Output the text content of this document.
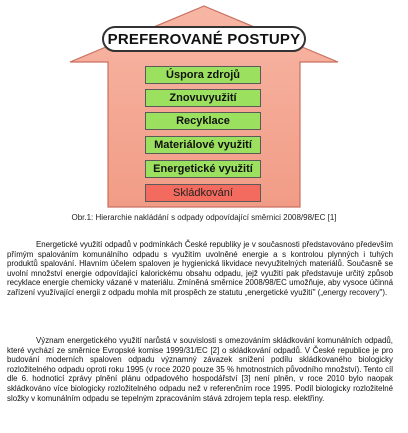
PREFEROVANÉ POSTUPY
Úspora zdrojů
Znovuvyužití
Recyklace
Materiálové využití
Energetické využití
Skládkování
Obr.1: Hierarchie nakládání s odpady odpovídající směrnici 2008/98/EC [1]

Energetické využití odpadů v podmínkách České republiky je v současnosti představováno především přímým spalováním komunálního odpadu s využitím uvolněné energie a s kontrolou plynných i tuhých produktů spalování. Hlavním účelem spaloven je hygienická likvidace nevyužitelných materiálů. Současně se uvolní množství energie odpovídající kalorickému obsahu odpadu, jejž využití pak představuje určitý způsob recyklace energie chemicky vázané v materiálu. Zmíněná směrnice 2008/98/EC umožňuje, aby vysoce účinná zařízení využívající energii z odpadu mohla mít prospěch ze statutu „energetické využití" („energy recovery").

Význam energetického využití narůstá v souvislosti s omezováním skládkování komunálních odpadů, které vychází ze směrnice Evropské komise 1999/31/EC [2] o skládkování odpadů. V České republice je pro budování moderních spaloven odpadu významný závazek snížení podílu skládkovaného biologicky rozložitelného odpadu oproti roku 1995 (v roce 2020 pouze 35 % hmotnostních původního množství). Tento cíl dle 6. hodnoticí zprávy plnění plánu odpadového hospodářství [3] není plněn, v roce 2010 bylo naopak skládkováno více biologicky rozložitelného odpadu než v referenčním roce 1995. Podíl biologicky rozložitelné složky v komunálním odpadu se tepelným zpracováním stává zdrojem tepla resp. elektřiny.
